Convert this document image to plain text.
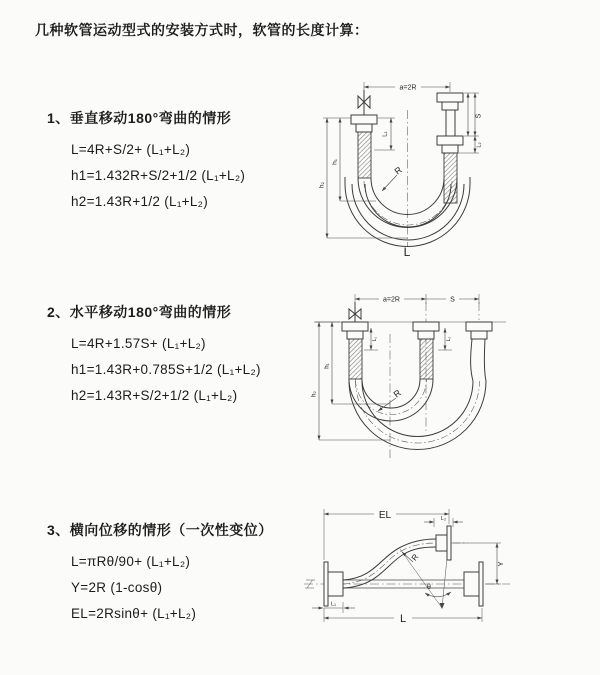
几种软管运动型式的安装方式时，软管的长度计算：
1、垂直移动180°弯曲的情形
L=4R+S/2+ (L₁+L₂)
h1=1.432R+S/2+1/2 (L₁+L₂)
h2=1.43R+1/2 (L₁+L₂)
2、水平移动180°弯曲的情形
L=4R+1.57S+ (L₁+L₂)
h1=1.43R+0.785S+1/2 (L₁+L₂)
h2=1.43R+S/2+1/2 (L₁+L₂)
3、横向位移的情形（一次性变位）
L=πRθ/90+ (L₁+L₂)
Y=2R (1-cosθ)
EL=2Rsinθ+ (L₁+L₂)
a=2R
R
L
h₁
h₂
L₁
S
L₂
a=2R	S
L₁	L₂
h₁
h₂	R
R
θ
EL	L₂
Y
L
L₁
